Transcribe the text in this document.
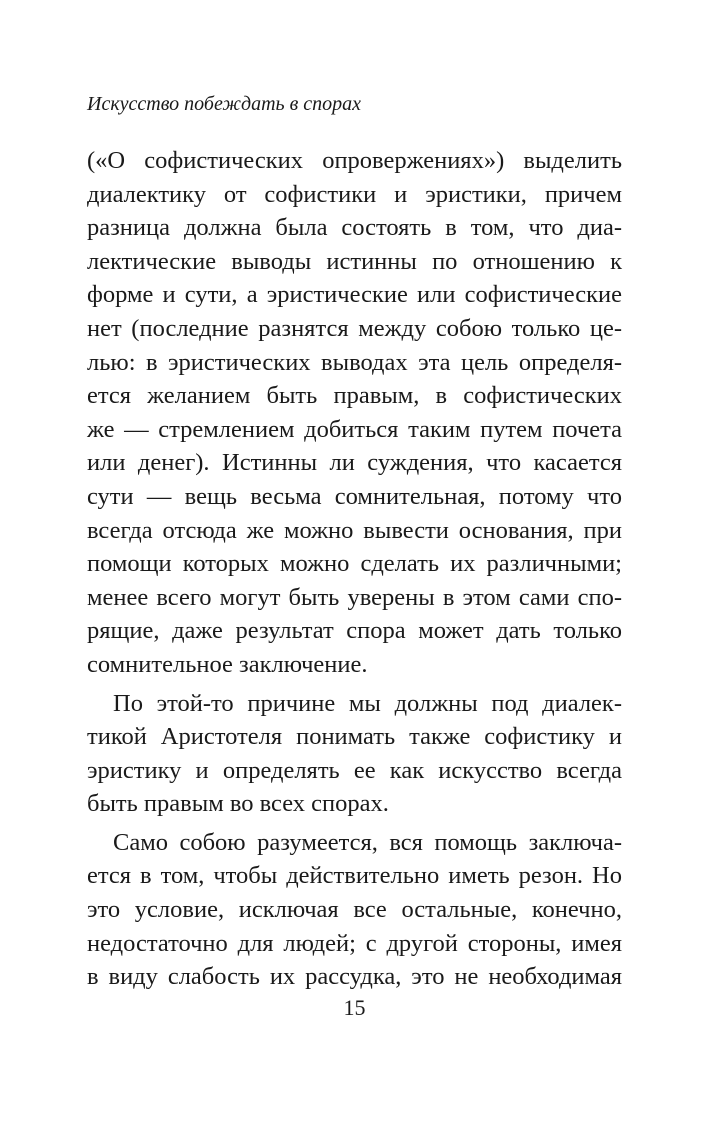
Искусство побеждать в спорах
(«О софистических опровержениях») выделить
диалектику от софистики и эристики, причем
разница должна была состоять в том, что диа-
лектические выводы истинны по отношению к
форме и сути, а эристические или софистические
нет (последние разнятся между собою только це-
лью: в эристических выводах эта цель определя-
ется желанием быть правым, в софистических
же — стремлением добиться таким путем почета
или денег). Истинны ли суждения, что касается
сути — вещь весьма сомнительная, потому что
всегда отсюда же можно вывести основания, при
помощи которых можно сделать их различными;
менее всего могут быть уверены в этом сами спо-
рящие, даже результат спора может дать только
сомнительное заключение.
По этой-то причине мы должны под диалек-
тикой Аристотеля понимать также софистику и
эристику и определять ее как искусство всегда
быть правым во всех спорах.
Само собою разумеется, вся помощь заключа-
ется в том, чтобы действительно иметь резон. Но
это условие, исключая все остальные, конечно,
недостаточно для людей; с другой стороны, имея
в виду слабость их рассудка, это не необходимая
15
